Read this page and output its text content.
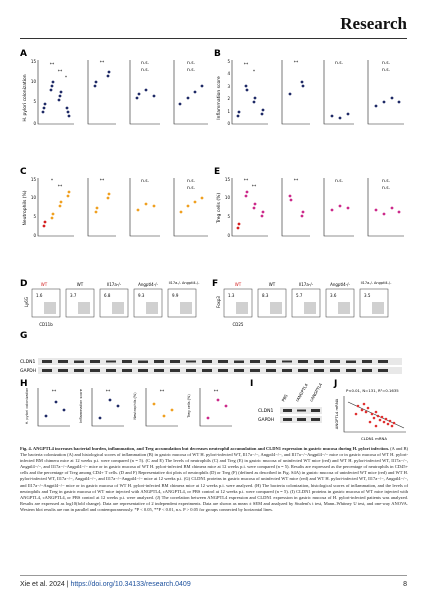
Research
A
H. pylori colonization
15
10
5
0
**
**
*
**	n.s.
n.s.
n.s.
n.s.
B
Inflammation score
5
4
3
2
1
0
**
*
**	n.s.	n.s.
n.s.
C
Neutrophils (%)
15
10
5
0
*
**
**	n.s.	n.s.
n.s.
E
Treg cells (%)
15
10
5
0
**
**
**	n.s.	n.s.
n.s.
D
Ly6G
CD11b
WT
1.6
WT
3.7
Il17a-/-
6.8
Angptl4-/-
9.3
Il17a-/- Angptl4-/-
9.9
F
Foxp3
CD25
WT
1.3
WT
8.3
Il17a-/-
5.7
Angptl4-/-
3.6
Il17a-/- Angptl4-/-
3.5
G
CLDN1
GAPDH
H
H. pylori colonization	Inflammation score	Neutrophils (%)	Treg cells (%)
**	**	**	**
I
PBS rANGPTL4 cANGPTL4
CLDN1
GAPDH
J
P<0.01, N=131, R²=0.1635
ANGPTL4 mRNA
CLDN1 mRNA

Fig. 4. ANGPTL4 increases bacterial burden, inflammation, and Treg accumulation but decreases neutrophil accumulation and CLDN1 expression in gastric mucosa during H. pylori infection. (A and B) The bacteria colonization (A) and histological scores of inflammation (B) in gastric mucosa of WT H. pylori-infected WT, Il17a−/−, Angptl4−/−, and Il17a−/−Angptl4−/− mice or in gastric mucosa of WT H. pylori-infected BM chimera mice at 12 weeks p.i. were compared (n = 5). (C and E) The levels of neutrophils (C) and Treg (E) in gastric mucosa of uninfected WT mice (red) and WT H. pylori-infected WT, Il17a−/−, Angptl4−/−, and Il17a−/−Angptl4−/− mice or in gastric mucosa of WT H. pylori-infected BM chimera mice at 12 weeks p.i. were compared (n = 5). Results are expressed as the percentage of neutrophils in CD45+ cells and the percentage of Treg among CD4+ T cells. (D and F) Representative dot plots of neutrophils (D) or Treg (F) (defined as described in Fig. S4A) in gastric mucosa of uninfected WT mice (red) and WT H. pylori-infected WT, Il17a−/−, Angptl4−/−, and Il17a−/−Angptl4−/− mice at 12 weeks p.i. (G) CLDN1 proteins in gastric mucosa of uninfected WT mice (red) and WT H. pylori-infected WT, Il17a−/−, Angptl4−/−, and Il17a−/−Angptl4−/− mice or in gastric mucosa of WT H. pylori-infected BM chimera mice at 12 weeks p.i. were analyzed. (H) The bacteria colonization, histological scores of inflammation, and the levels of neutrophils and Treg in gastric mucosa of WT mice injected with ANGPTL4, cANGPTL4, or PBS control at 12 weeks p.i. were compared (n = 5). (I) CLDN1 proteins in gastric mucosa of WT mice injected with ANGPTL4, cANGPTL4, or PBS control at 12 weeks p.i. were analyzed. (J) The correlation between ANGPTL4 expression and CLDN1 expression in gastric mucosa of H. pylori-infected patients was analyzed. Results are expressed as log10(fold change). Data are representative of 2 independent experiments. Data are shown as mean ± SEM and analyzed by Student's t test, Mann–Whitney U test, and one-way ANOVA. Western blot results are run in parallel and contemporaneously. *P < 0.05, **P < 0.01, n.s. P > 0.05 for groups connected by horizontal lines.

Xie et al. 2024 | https://doi.org/10.34133/research.0409	8
